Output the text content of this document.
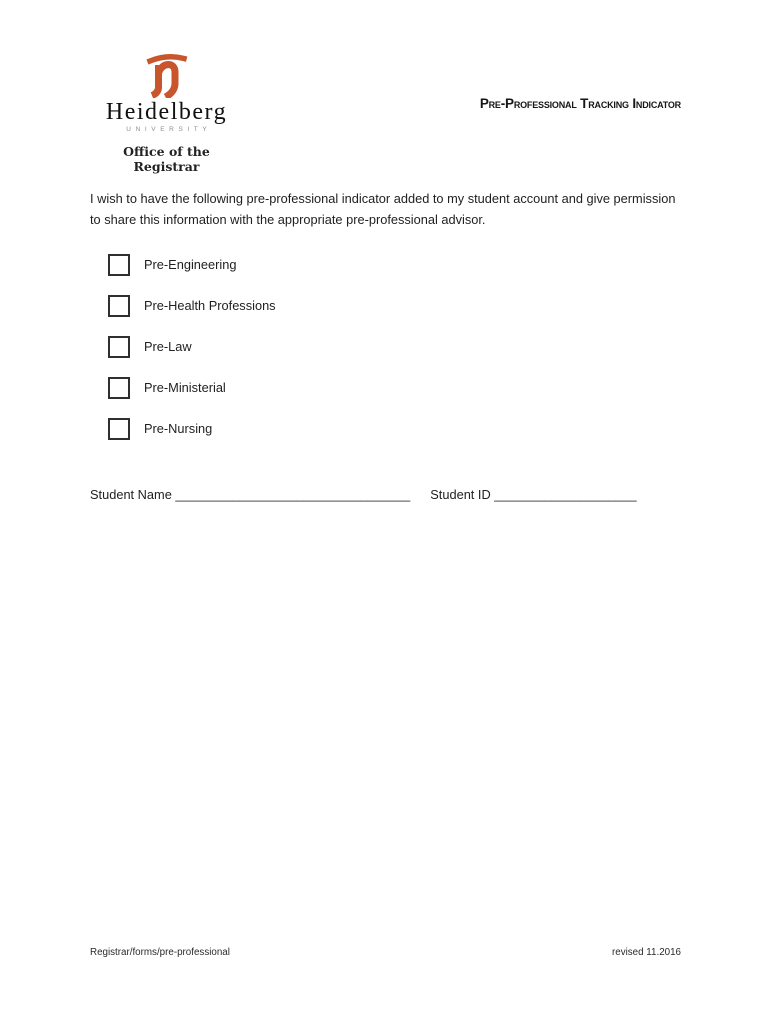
Heidelberg
UNIVERSITY
Office of the Registrar
Pre-Professional Tracking Indicator
I wish to have the following pre-professional indicator added to my student account and give permission
to share this information with the appropriate pre-professional advisor.
Pre-Engineering
Pre-Health Professions
Pre-Law
Pre-Ministerial
Pre-Nursing
Student Name _________________________________ Student ID ____________________
Registrar/forms/pre-professional	revised 11.2016
